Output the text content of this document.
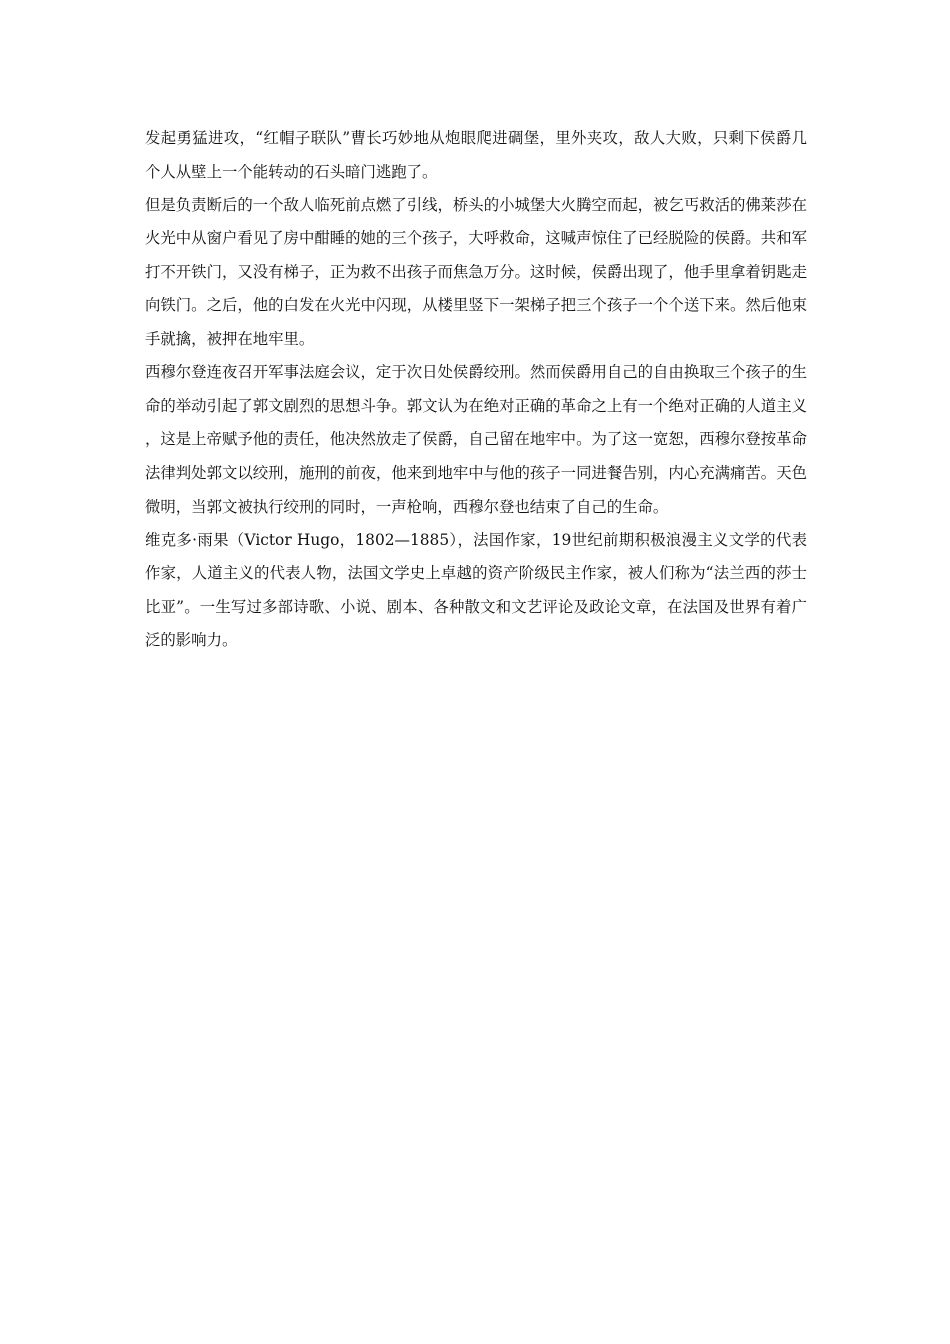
发起勇猛进攻，“红帽子联队”曹长巧妙地从炮眼爬进碉堡，里外夹攻，敌人大败，只剩下侯爵几个人从壁上一个能转动的石头暗门逃跑了。

但是负责断后的一个敌人临死前点燃了引线，桥头的小城堡大火腾空而起，被乞丐救活的佛莱莎在火光中从窗户看见了房中酣睡的她的三个孩子，大呼救命，这喊声惊住了已经脱险的侯爵。共和军打不开铁门，又没有梯子，正为救不出孩子而焦急万分。这时候，侯爵出现了，他手里拿着钥匙走向铁门。之后，他的白发在火光中闪现，从楼里竖下一架梯子把三个孩子一个个送下来。然后他束手就擒，被押在地牢里。

西穆尔登连夜召开军事法庭会议，定于次日处侯爵绞刑。然而侯爵用自己的自由换取三个孩子的生命的举动引起了郭文剧烈的思想斗争。郭文认为在绝对正确的革命之上有一个绝对正确的人道主义，这是上帝赋予他的责任，他决然放走了侯爵，自己留在地牢中。为了这一宽恕，西穆尔登按革命法律判处郭文以绞刑，施刑的前夜，他来到地牢中与他的孩子一同进餐告别，内心充满痛苦。天色微明，当郭文被执行绞刑的同时，一声枪响，西穆尔登也结束了自己的生命。

维克多·雨果（Victor Hugo，1802—1885），法国作家，19世纪前期积极浪漫主义文学的代表作家，人道主义的代表人物，法国文学史上卓越的资产阶级民主作家，被人们称为“法兰西的莎士比亚”。一生写过多部诗歌、小说、剧本、各种散文和文艺评论及政论文章，在法国及世界有着广泛的影响力。
